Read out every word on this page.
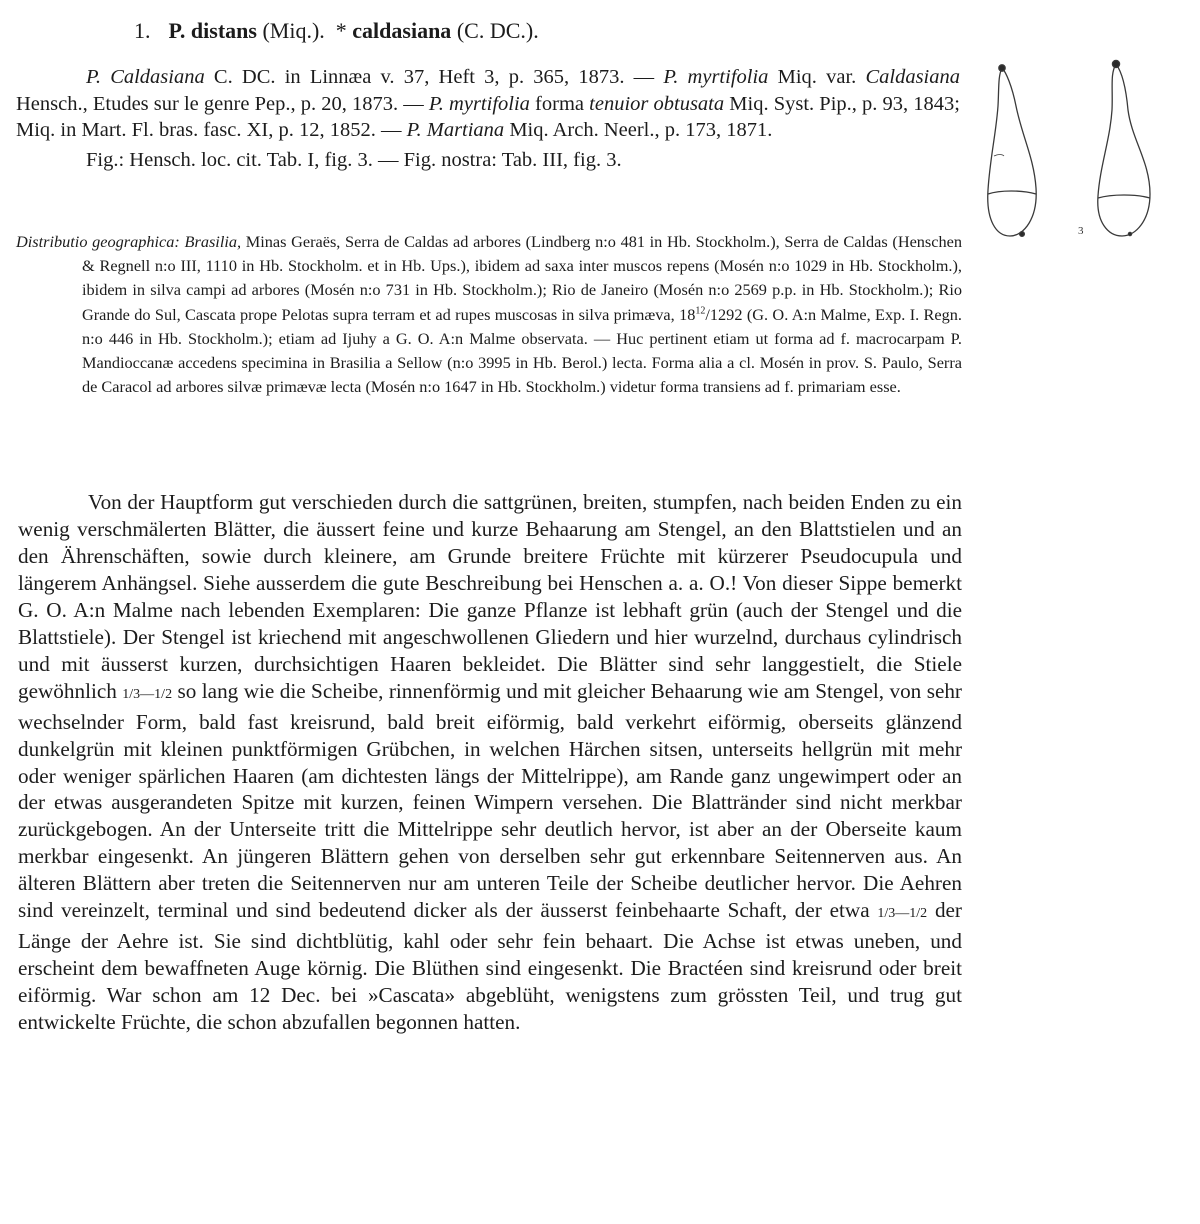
1. P. distans (Miq.). * caldasiana (C. DC.).

P. Caldasiana C. DC. in Linnæa v. 37, Heft 3, p. 365, 1873. — P. myrtifolia Miq. var. Caldasiana Hensch., Etudes sur le genre Pep., p. 20, 1873. — P. myrtifolia forma tenuior obtusata Miq. Syst. Pip., p. 93, 1843; Miq. in Mart. Fl. bras. fasc. XI, p. 12, 1852. — P. Martiana Miq. Arch. Neerl., p. 173, 1871.

Fig.: Hensch. loc. cit. Tab. I, fig. 3. — Fig. nostra: Tab. III, fig. 3.

3

Distributio geographica: Brasilia, Minas Geraës, Serra de Caldas ad arbores (Lindberg n:o 481 in Hb. Stockholm.), Serra de Caldas (Henschen & Regnell n:o III, 1110 in Hb. Stockholm. et in Hb. Ups.), ibidem ad saxa inter muscos repens (Mosén n:o 1029 in Hb. Stockholm.), ibidem in silva campi ad arbores (Mosén n:o 731 in Hb. Stockholm.); Rio de Janeiro (Mosén n:o 2569 p.p. in Hb. Stockholm.); Rio Grande do Sul, Cascata prope Pelotas supra terram et ad rupes muscosas in silva primæva, $18^{12}/1292$ (G. O. A:n Malme, Exp. I. Regn. n:o 446 in Hb. Stockholm.); etiam ad Ijuhy a G. O. A:n Malme observata. — Huc pertinent etiam ut forma ad f. macrocarpam P. Mandioccanæ accedens specimina in Brasilia a Sellow (n:o 3995 in Hb. Berol.) lecta. Forma alia a cl. Mosén in prov. S. Paulo, Serra de Caracol ad arbores silvæ primævæ lecta (Mosén n:o 1647 in Hb. Stockholm.) videtur forma transiens ad f. primariam esse.

Von der Hauptform gut verschieden durch die sattgrünen, breiten, stumpfen, nach beiden Enden zu ein wenig verschmälerten Blätter, die äussert feine und kurze Behaarung am Stengel, an den Blattstielen und an den Ährenschäften, sowie durch kleinere, am Grunde breitere Früchte mit kürzerer Pseudocupula und längerem Anhängsel. Siehe ausserdem die gute Beschreibung bei Henschen a. a. O.! Von dieser Sippe bemerkt G. O. A:n Malme nach lebenden Exemplaren: Die ganze Pflanze ist lebhaft grün (auch der Stengel und die Blattstiele). Der Stengel ist kriechend mit angeschwollenen Gliedern und hier wurzelnd, durchaus cylindrisch und mit äusserst kurzen, durchsichtigen Haaren bekleidet. Die Blätter sind sehr langgestielt, die Stiele gewöhnlich 1/3—1/2 so lang wie die Scheibe, rinnenförmig und mit gleicher Behaarung wie am Stengel, von sehr wechselnder Form, bald fast kreisrund, bald breit eiförmig, bald verkehrt eiförmig, oberseits glänzend dunkelgrün mit kleinen punktförmigen Grübchen, in welchen Härchen sitsen, unterseits hellgrün mit mehr oder weniger spärlichen Haaren (am dichtesten längs der Mittelrippe), am Rande ganz ungewimpert oder an der etwas ausgerandeten Spitze mit kurzen, feinen Wimpern versehen. Die Blattränder sind nicht merkbar zurückgebogen. An der Unterseite tritt die Mittelrippe sehr deutlich hervor, ist aber an der Oberseite kaum merkbar eingesenkt. An jüngeren Blättern gehen von derselben sehr gut erkennbare Seitennerven aus. An älteren Blättern aber treten die Seitennerven nur am unteren Teile der Scheibe deutlicher hervor. Die Aehren sind vereinzelt, terminal und sind bedeutend dicker als der äusserst feinbehaarte Schaft, der etwa 1/3—1/2 der Länge der Aehre ist. Sie sind dichtblütig, kahl oder sehr fein behaart. Die Achse ist etwas uneben, und erscheint dem bewaffneten Auge körnig. Die Blüthen sind eingesenkt. Die Bractéen sind kreisrund oder breit eiförmig. War schon am 12 Dec. bei »Cascata» abgeblüht, wenigstens zum grössten Teil, und trug gut entwickelte Früchte, die schon abzufallen begonnen hatten.
